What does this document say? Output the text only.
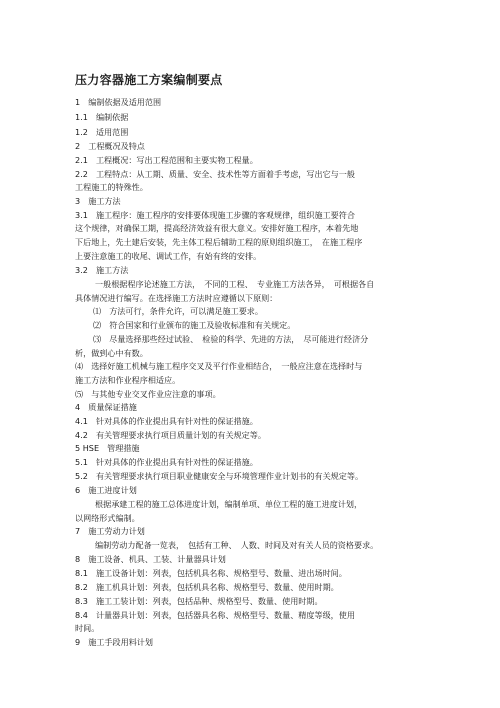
压力容器施工方案编制要点
1　编制依据及适用范围
1.1　编制依据
1.2　适用范围
2　工程概况及特点
2.1　工程概况：写出工程范围和主要实物工程量。
2.2　工程特点：从工期、质量、安全、技术性等方面着手考虑，写出它与一般
工程施工的特殊性。
3　施工方法
3.1　施工程序：施工程序的安排要体现施工步骤的客观规律，组织施工要符合
这个规律，对确保工期，提高经济效益有很大意义。安排好施工程序，本着先地
下后地上，先土建后安装，先主体工程后辅助工程的原则组织施工，　在施工程序
上要注意施工的收尾、调试工作，有始有终的安排。
3.2　施工方法
一般根据程序论述施工方法，　不同的工程、　专业施工方法各异，　可根据各自
具体情况进行编写。在选择施工方法时应遵循以下原则：
⑴　方法可行，条件允许，可以满足施工要求。
⑵　符合国家和行业颁布的施工及验收标准和有关规定。
⑶　尽量选择那些经过试验、　检验的科学、先进的方法，　尽可能进行经济分
析，做到心中有数。
⑷　选择好施工机械与施工程序交叉及平行作业相结合，　一般应注意在选择时与
施工方法和作业程序相适应。
⑸　与其他专业交叉作业应注意的事项。
4　质量保证措施
4.1　针对具体的作业提出具有针对性的保证措施。
4.2　有关管理要求执行项目质量计划的有关规定等。
5 HSE　管理措施
5.1　针对具体的作业提出具有针对性的保证措施。
5.2　有关管理要求执行项目职业健康安全与环境管理作业计划书的有关规定等。
6　施工进度计划
根据承建工程的施工总体进度计划，编制单项、单位工程的施工进度计划，
以网络形式编制。
7　施工劳动力计划
编制劳动力配备一览表，　包括有工种、　人数、时间及对有关人员的资格要求。
8　施工设备、机具、工装、计量器具计划
8.1　施工设备计划：列表，包括机具名称、规格型号、数量、进出场时间。
8.2　施工机具计划：列表，包括机具名称、规格型号、数量、使用时期。
8.3　施工工装计划：列表，包括品种、规格型号、数量、使用时期。
8.4　计量器具计划：列表，包括器具名称、规格型号、数量、精度等级，使用
时间。
9　施工手段用料计划
